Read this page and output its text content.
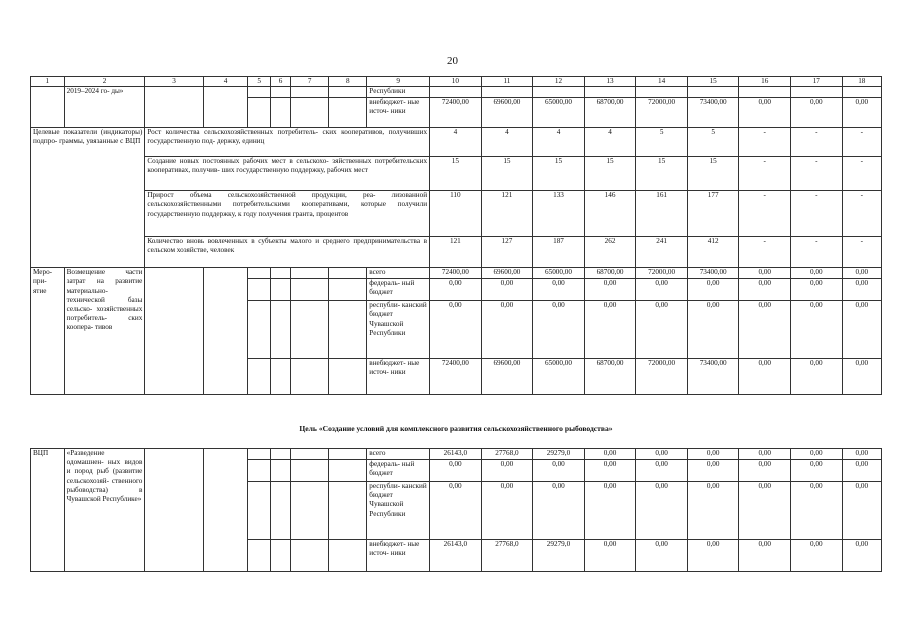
20
1	2	3	4	5	6	7	8	9	10	11	12	13	14	15	16	17	18
	2019–2024 го- ды»							Республики									
								внебюджет- ные источ- ники	72400,00	69600,00	65000,00	68700,00	72000,00	73400,00	0,00	0,00	0,00
Целевые показатели (индикаторы) подпро- граммы, увязанные с ВЦП		Рост количества сельскохозяйственных потребитель- ских кооперативов, получивших государственную под- держку, единиц							4	4	4	4	5	5	-	-	-
		Создание новых постоянных рабочих мест в сельскохо- зяйственных потребительских кооперативах, получив- ших государственную поддержку, рабочих мест							15	15	15	15	15	15	-	-	-
		Прирост объема сельскохозяйственной продукции, реа- лизованной сельскохозяйственными потребительскими кооперативами, которые получили государственную поддержку, к году получения гранта, процентов							110	121	133	146	161	177	-	-	-
		Количество вновь вовлеченных в субъекты малого и среднего предпринимательства в сельском хозяйстве, человек							121	127	187	262	241	412	-	-	-
Меро- при- ятие	Возмещение части затрат на развитие материально- технической базы сельско- хозяйственных потребитель- ских коопера- тивов							всего	72400,00	69600,00	65000,00	68700,00	72000,00	73400,00	0,00	0,00	0,00
								федераль- ный бюджет	0,00	0,00	0,00	0,00	0,00	0,00	0,00	0,00	0,00
								республи- канский бюджет Чувашской Республики	0,00	0,00	0,00	0,00	0,00	0,00	0,00	0,00	0,00
								внебюджет- ные источ- ники	72400,00	69600,00	65000,00	68700,00	72000,00	73400,00	0,00	0,00	0,00
Цель «Создание условий для комплексного развития сельскохозяйственного рыбоводства»
ВЦП	«Разведение одомашнен- ных видов и пород рыб (развитие сельскохозяй- ственного рыбоводства) в Чувашской Республике»							всего	26143,0	27768,0	29279,0	0,00	0,00	0,00	0,00	0,00	0,00
								федераль- ный бюджет	0,00	0,00	0,00	0,00	0,00	0,00	0,00	0,00	0,00
								республи- канский бюджет Чувашской Республики	0,00	0,00	0,00	0,00	0,00	0,00	0,00	0,00	0,00
								внебюджет- ные источ- ники	26143,0	27768,0	29279,0	0,00	0,00	0,00	0,00	0,00	0,00
